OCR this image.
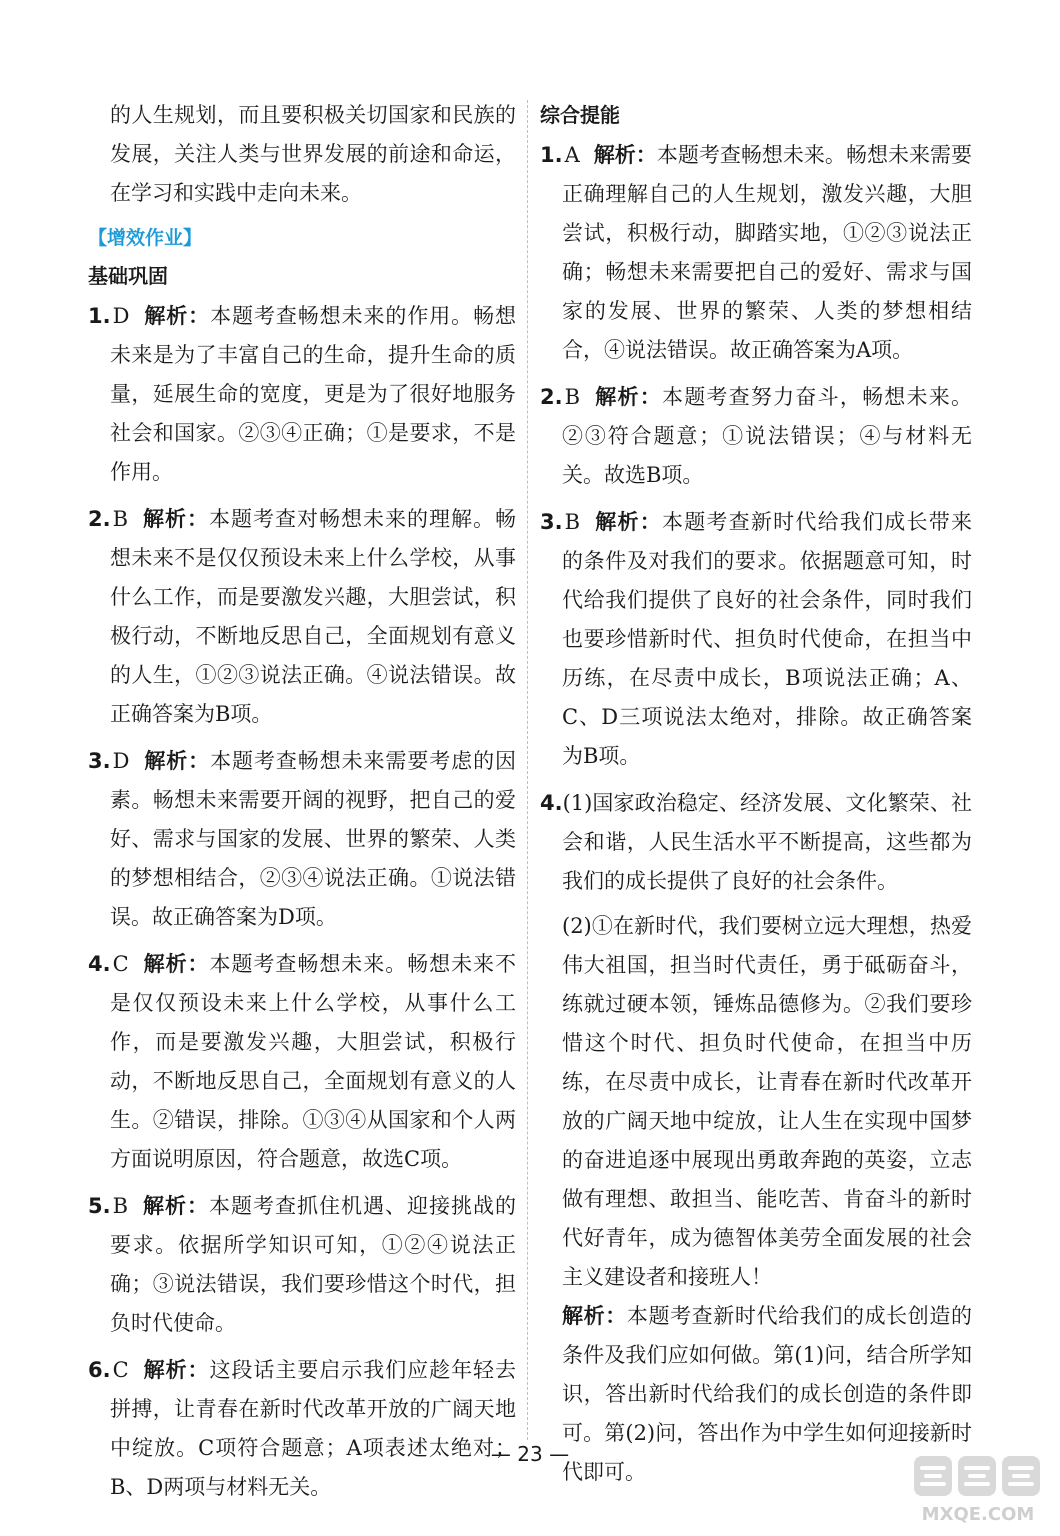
的人生规划，而且要积极关切国家和民族的发展，关注人类与世界发展的前途和命运，在学习和实践中走向未来。

【增效作业】
基础巩固

1.D 解析：本题考查畅想未来的作用。畅想未来是为了丰富自己的生命，提升生命的质量，延展生命的宽度，更是为了很好地服务社会和国家。②③④正确；①是要求，不是作用。

2.B 解析：本题考查对畅想未来的理解。畅想未来不是仅仅预设未来上什么学校，从事什么工作，而是要激发兴趣，大胆尝试，积极行动，不断地反思自己，全面规划有意义的人生，①②③说法正确。④说法错误。故正确答案为B项。

3.D 解析：本题考查畅想未来需要考虑的因素。畅想未来需要开阔的视野，把自己的爱好、需求与国家的发展、世界的繁荣、人类的梦想相结合，②③④说法正确。①说法错误。故正确答案为D项。

4.C 解析：本题考查畅想未来。畅想未来不是仅仅预设未来上什么学校，从事什么工作，而是要激发兴趣，大胆尝试，积极行动，不断地反思自己，全面规划有意义的人生。②错误，排除。①③④从国家和个人两方面说明原因，符合题意，故选C项。

5.B 解析：本题考查抓住机遇、迎接挑战的要求。依据所学知识可知，①②④说法正确；③说法错误，我们要珍惜这个时代，担负时代使命。

6.C 解析：这段话主要启示我们应趁年轻去拼搏，让青春在新时代改革开放的广阔天地中绽放。C项符合题意；A项表述太绝对；B、D两项与材料无关。

综合提能

1.A 解析：本题考查畅想未来。畅想未来需要正确理解自己的人生规划，激发兴趣，大胆尝试，积极行动，脚踏实地，①②③说法正确；畅想未来需要把自己的爱好、需求与国家的发展、世界的繁荣、人类的梦想相结合，④说法错误。故正确答案为A项。

2.B 解析：本题考查努力奋斗，畅想未来。②③符合题意；①说法错误；④与材料无关。故选B项。

3.B 解析：本题考查新时代给我们成长带来的条件及对我们的要求。依据题意可知，时代给我们提供了良好的社会条件，同时我们也要珍惜新时代、担负时代使命，在担当中历练，在尽责中成长，B项说法正确；A、C、D三项说法太绝对，排除。故正确答案为B项。

4.(1)国家政治稳定、经济发展、文化繁荣、社会和谐，人民生活水平不断提高，这些都为我们的成长提供了良好的社会条件。

(2)①在新时代，我们要树立远大理想，热爱伟大祖国，担当时代责任，勇于砥砺奋斗，练就过硬本领，锤炼品德修为。②我们要珍惜这个时代、担负时代使命，在担当中历练，在尽责中成长，让青春在新时代改革开放的广阔天地中绽放，让人生在实现中国梦的奋进追逐中展现出勇敢奔跑的英姿，立志做有理想、敢担当、能吃苦、肯奋斗的新时代好青年，成为德智体美劳全面发展的社会主义建设者和接班人！

解析：本题考查新时代给我们的成长创造的条件及我们应如何做。第(1)问，结合所学知识，答出新时代给我们的成长创造的条件即可。第(2)问，答出作为中学生如何迎接新时代即可。

— 23 —
MXQE.COM
